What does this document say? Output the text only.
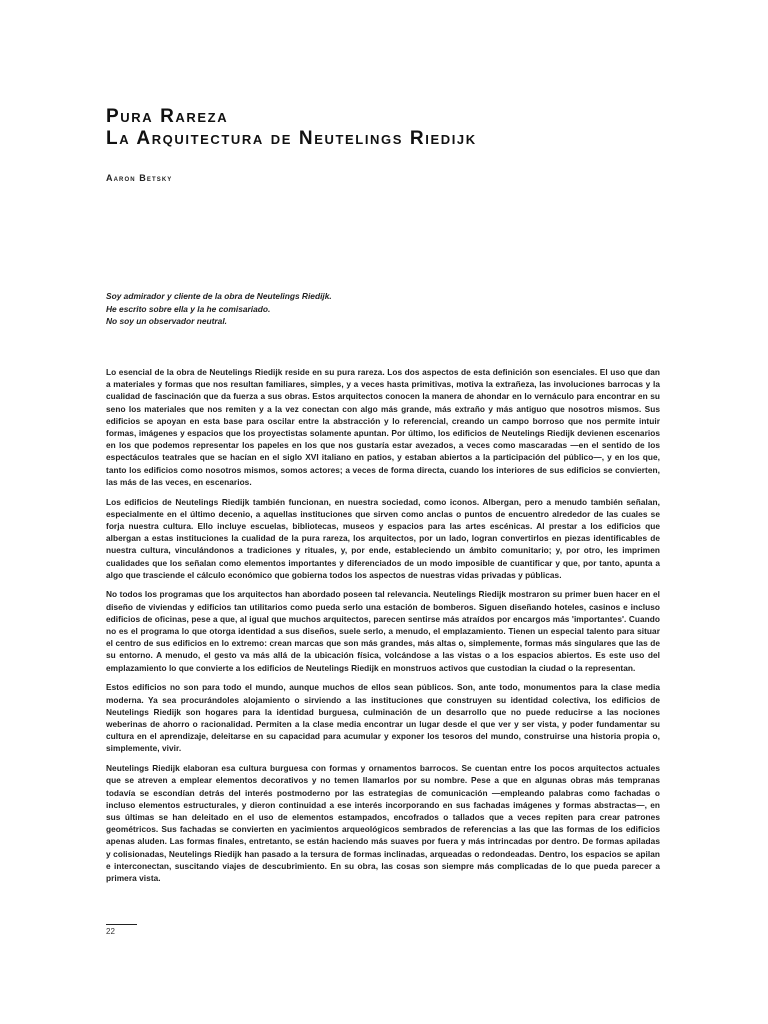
Pura Rareza
La Arquitectura de Neutelings Riedijk
Aaron Betsky
Soy admirador y cliente de la obra de Neutelings Riedijk.
He escrito sobre ella y la he comisariado.
No soy un observador neutral.

Lo esencial de la obra de Neutelings Riedijk reside en su pura rareza. Los dos aspectos de esta definición son esenciales. El uso que dan a materiales y formas que nos resultan familiares, simples, y a veces hasta primitivas, motiva la extrañeza, las involuciones barrocas y la cualidad de fascinación que da fuerza a sus obras. Estos arquitectos conocen la manera de ahondar en lo vernáculo para encontrar en su seno los materiales que nos remiten y a la vez conectan con algo más grande, más extraño y más antiguo que nosotros mismos. Sus edificios se apoyan en esta base para oscilar entre la abstracción y lo referencial, creando un campo borroso que nos permite intuir formas, imágenes y espacios que los proyectistas solamente apuntan. Por último, los edificios de Neutelings Riedijk devienen escenarios en los que podemos representar los papeles en los que nos gustaría estar avezados, a veces como mascaradas —en el sentido de los espectáculos teatrales que se hacían en el siglo XVI italiano en patios, y estaban abiertos a la participación del público—, y en los que, tanto los edificios como nosotros mismos, somos actores; a veces de forma directa, cuando los interiores de sus edificios se convierten, las más de las veces, en escenarios.

Los edificios de Neutelings Riedijk también funcionan, en nuestra sociedad, como iconos. Albergan, pero a menudo también señalan, especialmente en el último decenio, a aquellas instituciones que sirven como anclas o puntos de encuentro alrededor de las cuales se forja nuestra cultura. Ello incluye escuelas, bibliotecas, museos y espacios para las artes escénicas. Al prestar a los edificios que albergan a estas instituciones la cualidad de la pura rareza, los arquitectos, por un lado, logran convertirlos en piezas identificables de nuestra cultura, vinculándonos a tradiciones y rituales, y, por ende, estableciendo un ámbito comunitario; y, por otro, les imprimen cualidades que los señalan como elementos importantes y diferenciados de un modo imposible de cuantificar y que, por tanto, apunta a algo que trasciende el cálculo económico que gobierna todos los aspectos de nuestras vidas privadas y públicas.

No todos los programas que los arquitectos han abordado poseen tal relevancia. Neutelings Riedijk mostraron su primer buen hacer en el diseño de viviendas y edificios tan utilitarios como pueda serlo una estación de bomberos. Siguen diseñando hoteles, casinos e incluso edificios de oficinas, pese a que, al igual que muchos arquitectos, parecen sentirse más atraídos por encargos más 'importantes'. Cuando no es el programa lo que otorga identidad a sus diseños, suele serlo, a menudo, el emplazamiento. Tienen un especial talento para situar el centro de sus edificios en lo extremo: crean marcas que son más grandes, más altas o, simplemente, formas más singulares que las de su entorno. A menudo, el gesto va más allá de la ubicación física, volcándose a las vistas o a los espacios abiertos. Es este uso del emplazamiento lo que convierte a los edificios de Neutelings Riedijk en monstruos activos que custodian la ciudad o la representan.

Estos edificios no son para todo el mundo, aunque muchos de ellos sean públicos. Son, ante todo, monumentos para la clase media moderna. Ya sea procurándoles alojamiento o sirviendo a las instituciones que construyen su identidad colectiva, los edificios de Neutelings Riedijk son hogares para la identidad burguesa, culminación de un desarrollo que no puede reducirse a las nociones weberinas de ahorro o racionalidad. Permiten a la clase media encontrar un lugar desde el que ver y ser vista, y poder fundamentar su cultura en el aprendizaje, deleitarse en su capacidad para acumular y exponer los tesoros del mundo, construirse una historia propia o, simplemente, vivir.

Neutelings Riedijk elaboran esa cultura burguesa con formas y ornamentos barrocos. Se cuentan entre los pocos arquitectos actuales que se atreven a emplear elementos decorativos y no temen llamarlos por su nombre. Pese a que en algunas obras más tempranas todavía se escondían detrás del interés postmoderno por las estrategias de comunicación —empleando palabras como fachadas o incluso elementos estructurales, y dieron continuidad a ese interés incorporando en sus fachadas imágenes y formas abstractas—, en sus últimas se han deleitado en el uso de elementos estampados, encofrados o tallados que a veces repiten para crear patrones geométricos. Sus fachadas se convierten en yacimientos arqueológicos sembrados de referencias a las que las formas de los edificios apenas aluden. Las formas finales, entretanto, se están haciendo más suaves por fuera y más intrincadas por dentro. De formas apiladas y colisionadas, Neutelings Riedijk han pasado a la tersura de formas inclinadas, arqueadas o redondeadas. Dentro, los espacios se apilan e interconectan, suscitando viajes de descubrimiento. En su obra, las cosas son siempre más complicadas de lo que pueda parecer a primera vista.

22
